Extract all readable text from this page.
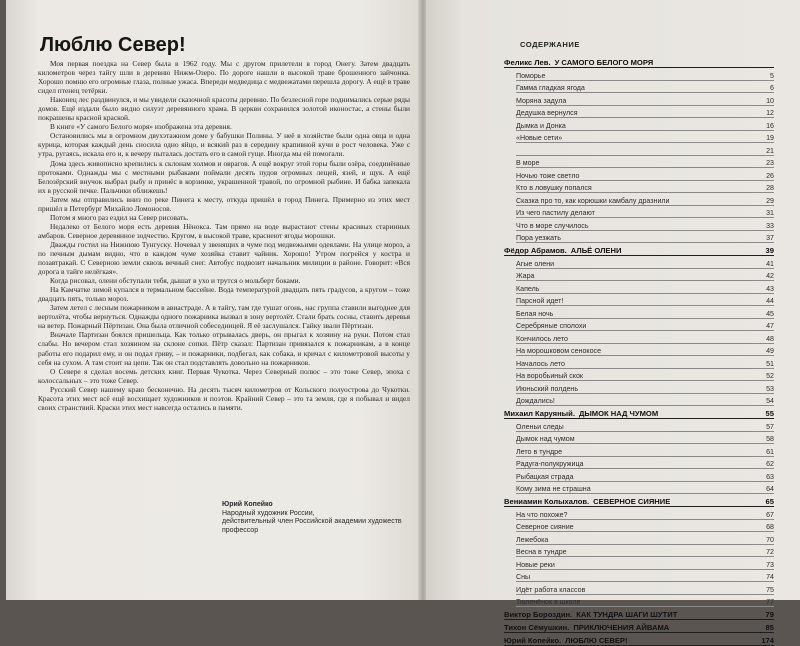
Люблю Север!

Моя первая поездка на Север была в 1962 году. Мы с другом прилетели в город Онегу. Затем двадцать километров через тайгу шли в деревню Нижм-Озеро. По дороге нашли в высокой траве брошенного зайчонка. Хорошо помню его огромные глаза, полные ужаса. Впереди медведица с медвежатами перешла дорогу. А ещё в траве сидел птенец тетёрки.

Наконец лес раздвинулся, и мы увидели сказочной красоты деревню. По безлесной горе поднимались серые ряды домов. Ещё издали было видно силуэт деревянного храма. В церкви сохранился золотой иконостас, а стены были покрашены красной краской.

В книге «У самого Белого моря» изображена эта деревня.

Остановились мы в огромном двухэтажном доме у бабушки Полины. У неё в хозяйстве были одна овца и одна курица, которая каждый день сносила одно яйцо, и всякий раз в середину крапивной кучи в рост человека. Уже с утра, ругаясь, искала его и, к вечеру пыталась достать его в самой гуще. Иногда мы ей помогали.

Дома здесь живописно крепились к склонам холмов и оврагов. А ещё вокруг этой горы были озёра, соединённые протоками. Однажды мы с местными рыбаками поймали десять пудов огромных лещей, язей, и щук. А ещё Белозёрский внучок выбрал рыбу и принёс в корзинке, украшенной травой, по огромной рыбине. И бабка запекала их в русской печке. Пальчики оближешь!

Затем мы отправились вниз по реке Пинега к месту, откуда пришёл в город Пинега. Примерно из этих мест пришёл в Петербург Михайло Ломоносов.

Потом я много раз ездил на Север рисовать.

Недалеко от Белого моря есть деревня Нёнокса. Там прямо на воде вырастают стены красивых старинных амбаров. Северное деревянное зодчество. Кругом, в высокой траве, краснеют ягоды морошки.

Дважды гостил на Нижнюю Тунгуску. Ночевал у звенящих в чуме под медвежьими одеялами. На улице мороз, а по печным дымам видно, что в каждом чуме хозяйка ставит чайник. Хорошо! Утром погрейся у костра и позавтракай. С Северною земли сквозь вечный снег. Автобус подвозит начальник милиции в районе. Говорит: «Вся дорога в тайге нелёгкая».

Когда рисовал, олени обступали тебя, дышат в ухо и трутся о мольберт боками.

На Камчатке зимой купался в термальном бассейне. Вода температурой двадцать пять градусов, а кругом – тоже двадцать пять, только мороз.

Затем летел с лесным пожарником в авиастраде. А в тайгу, там где тушат огонь, нас группа ставили выгоднее для вертолёта, чтобы вернуться. Однажды одного пожарника вызвал в зону вертолёт. Стали брать сосны, ставить деревья на ветер. Пожарный Пёртизан. Она была отличной собеседницей. Я её заслушался. Гайку звали Пёртизан.

Вначале Партизан боялся пришельца. Как только отрывалась дверь, он прыгал к хозяину на руки. Потом стал слабы. Но вечером стал хозяином на склоне сопки. Пётр сказал: Партизан привязался к пожарникам, а в конце работы его подарил ему, и он подал гриву, – и пожарники, подбегал, как собака, и кричал с километровой высоты у себя на сухом. А там стоит на цепи. Так он стал подставлять довольно на пожарников.

О Севере я сделал восемь детских книг. Первая Чукотка. Через Северный полюс – это тоже Север, эпоха с колоссальных – это тоже Север.

Русский Север нашему краю бесконечно. На десять тысяч километров от Кольского полуострова до Чукотки. Красота этих мест всё ещё восхищает художников и поэтов. Крайний Север – это та земля, где я побывал и видел своих странствий. Краски этих мест навсегда остались в памяти.

Юрий Копейко
Народный художник России,
действительный член Российской академии художеств
профессор
СОДЕРЖАНИЕ
Феликс Лев. У САМОГО БЕЛОГО МОРЯ
Поморье	5
Гамма гладкая ягода	6
Моряна задула	10
Дедушка вернулся	12
Дымка и Донка	16
«Новые сети»	19
21
В море	23
Ночью тоже светло	26
Кто в ловушку попался	28
Сказка про то, как корюшки камбалу дразнили	29
Из чего пастилу делают	31
Что в море случилось	33
Пора уезжать	37
Фёдор Абрамов. АЛЬЁ ОЛЕНИ	39
Агые олени	41
Жара	42
Капель	43
Парсной идет!	44
Белая ночь	45
Серебряные сполохи	47
Кончилось лето	48
На морошковом сенокосе	49
Началось лето	51
На воробьиный скок	52
Июньский полдень	53
Дождались!	54
Михаил Каруяный. ДЫМОК НАД ЧУМОМ	55
Оленьи следы	57
Дымок над чумом	58
Лето в тундре	61
Радуга-полукружица	62
Рыбацкая страда	63
Кому зима не страшна	64
Вениамин Колыхалов. СЕВЕРНОЕ СИЯНИЕ	65
На что похоже?	67
Северное сияние	68
Лежебока	70
Весна в тундре	72
Новые реки	73
Сны	74
Идёт работа классов	75
Тюленёнок в школе	77
Виктор Бороздин. КАК ТУНДРА ШАГИ ШУТИТ	79
Тихон Сёмушкин. ПРИКЛЮЧЕНИЯ АЙВАМА	85
Юрий Копейко. ЛЮБЛЮ СЕВЕР!	174
